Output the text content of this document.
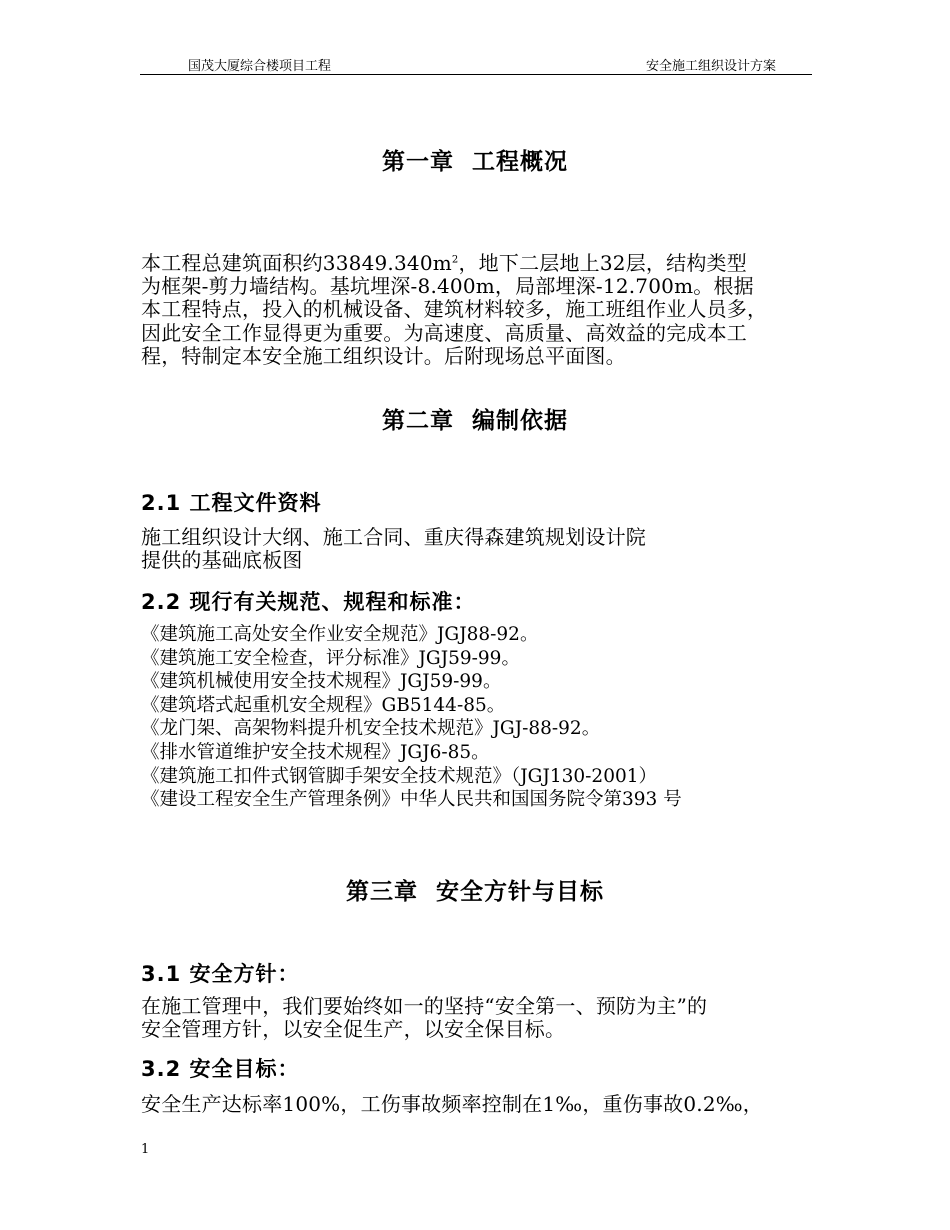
国茂大厦综合楼项目工程	安全施工组织设计方案
第一章  工程概况
本工程总建筑面积约$33849.340m^2$，地下二层地上32层，结构类型
为框架-剪力墙结构。基坑埋深-8.400m，局部埋深-12.700m。根据
本工程特点，投入的机械设备、建筑材料较多，施工班组作业人员多，
因此安全工作显得更为重要。为高速度、高质量、高效益的完成本工
程，特制定本安全施工组织设计。后附现场总平面图。
第二章  编制依据
2.1 工程文件资料
施工组织设计大纲、施工合同、重庆得森建筑规划设计院
提供的基础底板图
2.2 现行有关规范、规程和标准：
《建筑施工高处安全作业安全规范》JGJ88-92。
《建筑施工安全检查，评分标准》JGJ59-99。
《建筑机械使用安全技术规程》JGJ59-99。
《建筑塔式起重机安全规程》GB5144-85。
《龙门架、高架物料提升机安全技术规范》JGJ-88-92。
《排水管道维护安全技术规程》JGJ6-85。
《建筑施工扣件式钢管脚手架安全技术规范》（JGJ130-2001）
《建设工程安全生产管理条例》中华人民共和国国务院令第393 号
第三章  安全方针与目标
3.1 安全方针：
在施工管理中，我们要始终如一的坚持“安全第一、预防为主”的
安全管理方针，以安全促生产，以安全保目标。
3.2 安全目标：
安全生产达标率100%，工伤事故频率控制在1‰，重伤事故0.2‰，
1
